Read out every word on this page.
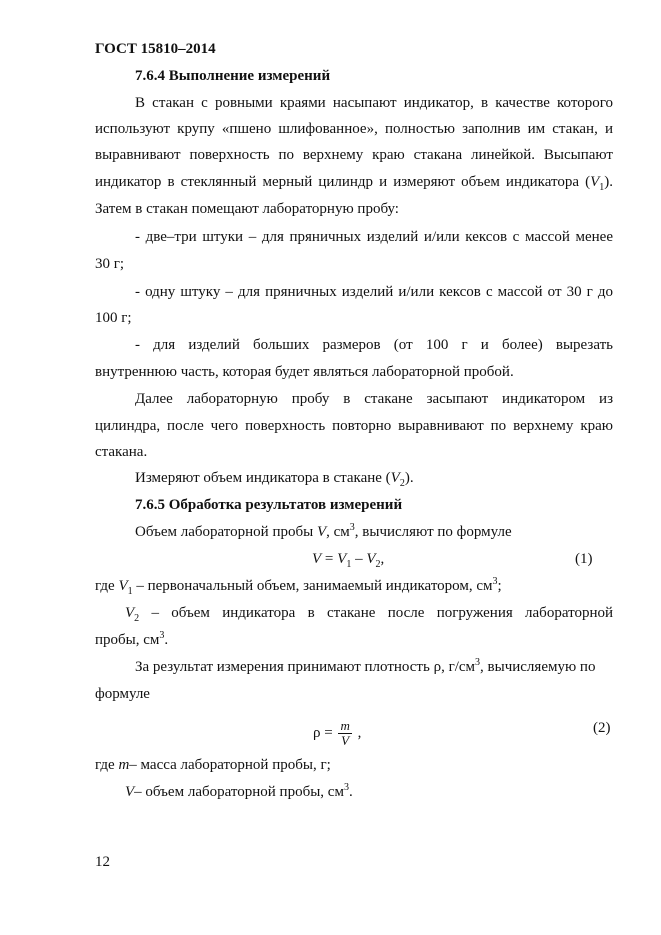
ГОСТ 15810–2014
7.6.4 Выполнение измерений
В стакан с ровными краями насыпают индикатор, в качестве которого
используют крупу «пшено шлифованное», полностью заполнив им стакан, и
выравнивают поверхность по верхнему краю стакана линейкой. Высыпают
индикатор в стеклянный мерный цилиндр и измеряют объем индикатора $(V_1)$.
Затем в стакан помещают лабораторную пробу:
- две–три штуки – для пряничных изделий и/или кексов с массой менее
30 г;
- одну штуку – для пряничных изделий и/или кексов с массой от 30 г до
100 г;
- для изделий больших размеров (от 100 г и более) вырезать
внутреннюю часть, которая будет являться лабораторной пробой.
Далее лабораторную пробу в стакане засыпают индикатором из
цилиндра, после чего поверхность повторно выравнивают по верхнему краю
стакана.
Измеряют объем индикатора в стакане $(V_2)$.
7.6.5 Обработка результатов измерений
Объем лабораторной пробы V, $см^3$, вычисляют по формуле
$V = V_1 - V_2$,	(1)
где $V_1$ – первоначальный объем, занимаемый индикатором, $см^3$;
$V_2$ – объем индикатора в стакане после погружения лабораторной
пробы, $см^3$.
За результат измерения принимают плотность ρ, $г/см^3$, вычисляемую по
формуле
$\rho = \frac{m}{V}$ ,	(2)
где m– масса лабораторной пробы, г;
V– объем лабораторной пробы, $см^3$.
12
